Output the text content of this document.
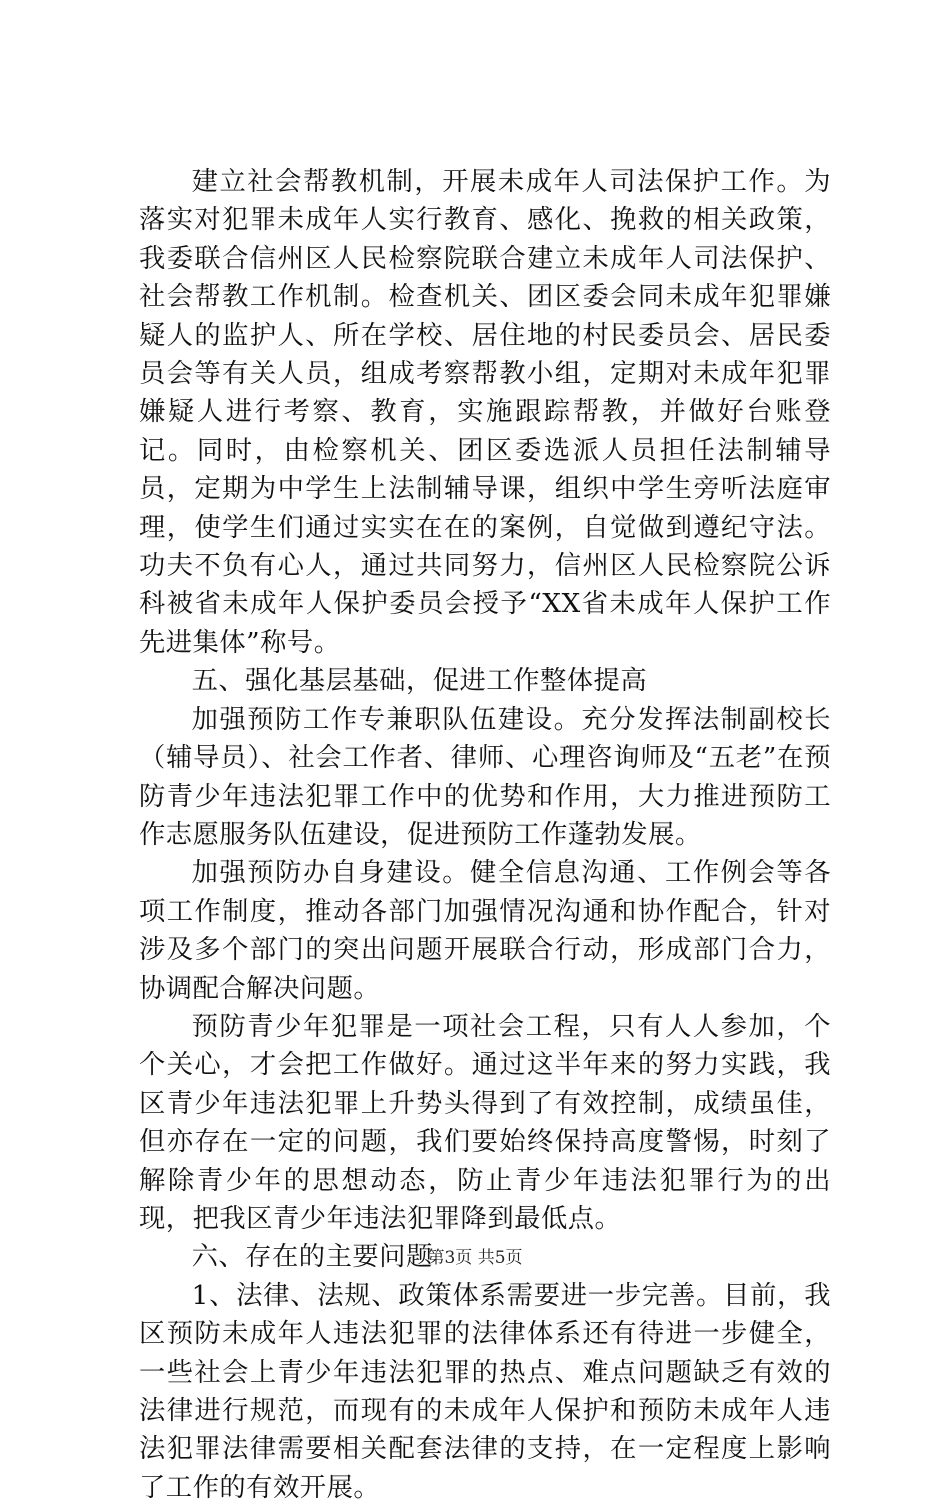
建立社会帮教机制，开展未成年人司法保护工作。为落实对犯罪未成年人实行教育、感化、挽救的相关政策，我委联合信州区人民检察院联合建立未成年人司法保护、社会帮教工作机制。检查机关、团区委会同未成年犯罪嫌疑人的监护人、所在学校、居住地的村民委员会、居民委员会等有关人员，组成考察帮教小组，定期对未成年犯罪嫌疑人进行考察、教育，实施跟踪帮教，并做好台账登记。同时，由检察机关、团区委选派人员担任法制辅导员，定期为中学生上法制辅导课，组织中学生旁听法庭审理，使学生们通过实实在在的案例，自觉做到遵纪守法。功夫不负有心人，通过共同努力，信州区人民检察院公诉科被省未成年人保护委员会授予“XX省未成年人保护工作先进集体”称号。

五、强化基层基础，促进工作整体提高

加强预防工作专兼职队伍建设。充分发挥法制副校长（辅导员）、社会工作者、律师、心理咨询师及“五老”在预防青少年违法犯罪工作中的优势和作用，大力推进预防工作志愿服务队伍建设，促进预防工作蓬勃发展。

加强预防办自身建设。健全信息沟通、工作例会等各项工作制度，推动各部门加强情况沟通和协作配合，针对涉及多个部门的突出问题开展联合行动，形成部门合力，协调配合解决问题。

预防青少年犯罪是一项社会工程，只有人人参加，个个关心，才会把工作做好。通过这半年来的努力实践，我区青少年违法犯罪上升势头得到了有效控制，成绩虽佳，但亦存在一定的问题，我们要始终保持高度警惕，时刻了解除青少年的思想动态，防止青少年违法犯罪行为的出现，把我区青少年违法犯罪降到最低点。

六、存在的主要问题

1、法律、法规、政策体系需要进一步完善。目前，我区预防未成年人违法犯罪的法律体系还有待进一步健全，一些社会上青少年违法犯罪的热点、难点问题缺乏有效的法律进行规范，而现有的未成年人保护和预防未成年人违法犯罪法律需要相关配套法律的支持，在一定程度上影响了工作的有效开展。

第3页 共5页
